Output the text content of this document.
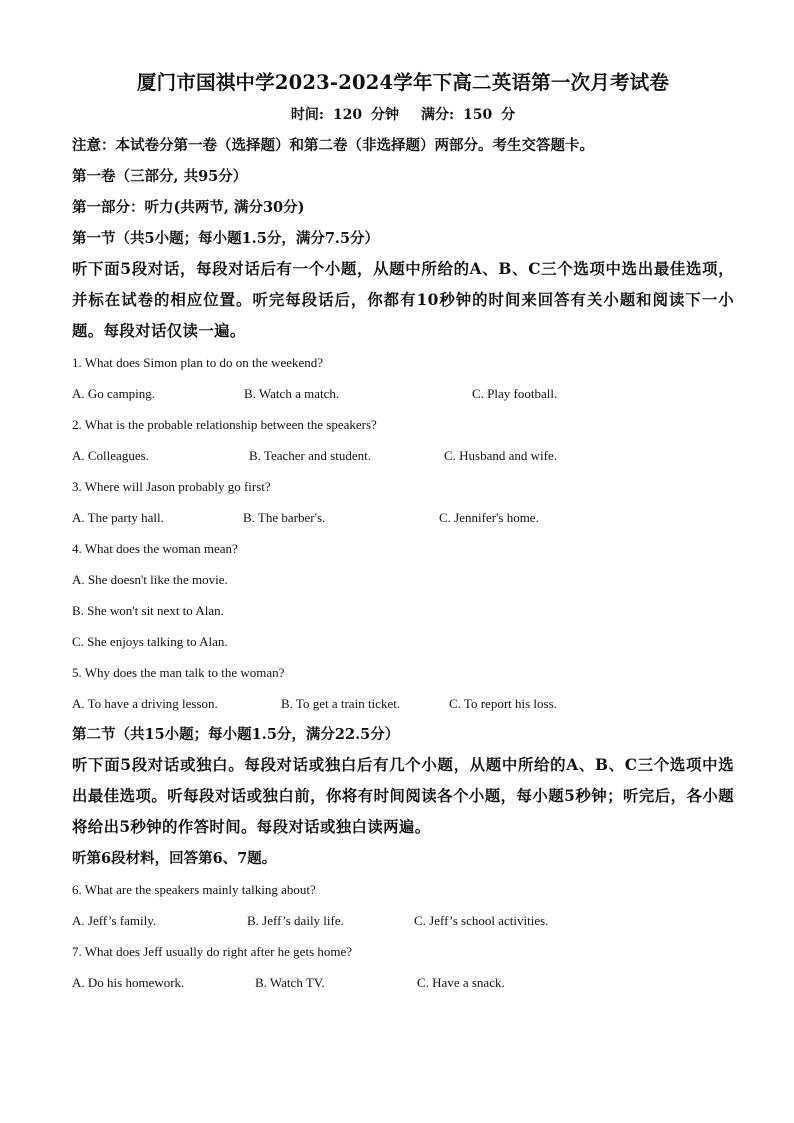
厦门市国祺中学2023-2024学年下高二英语第一次月考试卷
时间: 120 分钟 满分: 150 分

注意：本试卷分第一卷（选择题）和第二卷（非选择题）两部分。考生交答题卡。

第一卷（三部分, 共95分）

第一部分：听力(共两节, 满分30分)

第一节（共5小题；每小题1.5分，满分7.5分）

听下面5段对话，每段对话后有一个小题，从题中所给的A、B、C三个选项中选出最佳选项，并标在试卷的相应位置。听完每段话后，你都有10秒钟的时间来回答有关小题和阅读下一小题。每段对话仅读一遍。

1. What does Simon plan to do on the weekend?

A. Go camping.	B. Watch a match.	C. Play football.

2. What is the probable relationship between the speakers?

A. Colleagues.	B. Teacher and student.	C. Husband and wife.

3. Where will Jason probably go first?

A. The party hall.	B. The barber's.	C. Jennifer's home.

4. What does the woman mean?

A. She doesn't like the movie.
B. She won't sit next to Alan.
C. She enjoys talking to Alan.

5. Why does the man talk to the woman?

A. To have a driving lesson.	B. To get a train ticket.	C. To report his loss.

第二节（共15小题；每小题1.5分，满分22.5分）

听下面5段对话或独白。每段对话或独白后有几个小题，从题中所给的A、B、C三个选项中选出最佳选项。听每段对话或独白前，你将有时间阅读各个小题，每小题5秒钟；听完后，各小题将给出5秒钟的作答时间。每段对话或独白读两遍。

听第6段材料，回答第6、7题。

6. What are the speakers mainly talking about?

A. Jeff’s family.	B. Jeff’s daily life.	C. Jeff’s school activities.

7. What does Jeff usually do right after he gets home?

A. Do his homework.	B. Watch TV.	C. Have a snack.
